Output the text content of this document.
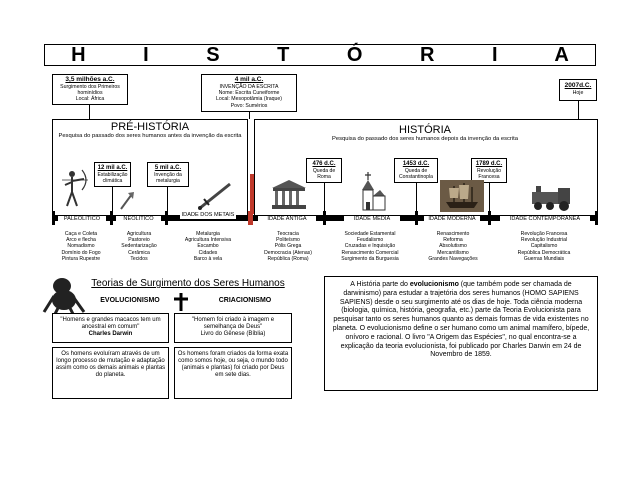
H I S T Ó R I A
3,5 milhões a.C.
Surgimento dos Primeiros
hominídios
Local: África
4 mil a.C.
INVENÇÃO DA ESCRITA
Nome: Escrita Cuneiforme
Local: Mesopotâmia (Iraque)
Povo: Sumérios
2007d.C.
Hoje
PRÉ-HISTÓRIA
Pesquisa do passado dos seres humanos antes da invenção da escrita	HISTÓRIA
Pesquisa do passado dos seres humanos depois da invenção da escrita
12 mil a.C.
Estabilização
climática
5 mil a.C.
Invenção da
metalurgia
476 d.C.
Queda de
Roma
1453 d.C.
Queda de
Constantinopla
1789 d.C.
Revolução
Francesa
PALEOLÍTICO	NEOLÍTICO
IDADE DOS METAIS
IDADE ANTIGA	IDADE MÉDIA	IDADE MODERNA	IDADE CONTEMPORÂNEA
Caça e Coleta
Arco e flecha
Nomadismo
Domínio do Fogo
Pintura Rupestre
Agricultura
Pastoreio
Sedentarização
Cerâmica
Tecidos
Metalurgia
Agricultura Intensiva
Escambo
Cidades
Barco à vela
Teocracia
Politeísmo
Pólis Grega
Democracia (Atenas)
República (Roma)
Sociedade Estamental
Feudalismo
Cruzadas e Inquisição
Renascimento Comercial
Surgimento da Burguesia
Renascimento
Reforma
Absolutismo
Mercantilismo
Grandes Navegações
Revolução Francesa
Revolução Industrial
Capitalismo
República Democrática
Guerras Mundiais
Teorias de Surgimento dos Seres Humanos
EVOLUCIONISMO	CRIACIONISMO
"Homens e grandes macacos tem um ancestral em comum"
Charles Darwin
"Homem foi criado à imagem e semelhança de Deus"
Livro do Gênese (Bíblia)
Os homens evoluíram através de um longo processo de mutação e adaptação assim como os demais animais e plantas do planeta.
Os homens foram criados da forma exata como somos hoje, ou seja, o mundo todo (animais e plantas) foi criado por Deus em sete dias.
A História parte do evolucionismo (que também pode ser chamada de darwinismo) para estudar a trajetória dos seres humanos (HOMO SAPIENS SAPIENS) desde o seu surgimento até os dias de hoje. Toda ciência moderna (biologia, química, história, geografia, etc.) parte da Teoria Evolucionista para pesquisar tanto os seres humanos quanto as demais formas de vida existentes no planeta. O evolucionismo define o ser humano como um animal mamífero, bípede, onívoro e racional. O livro "A Origem das Espécies", no qual encontra-se a explicação da teoria evolucionista, foi publicado por Charles Darwin em 24 de Novembro de 1859.
